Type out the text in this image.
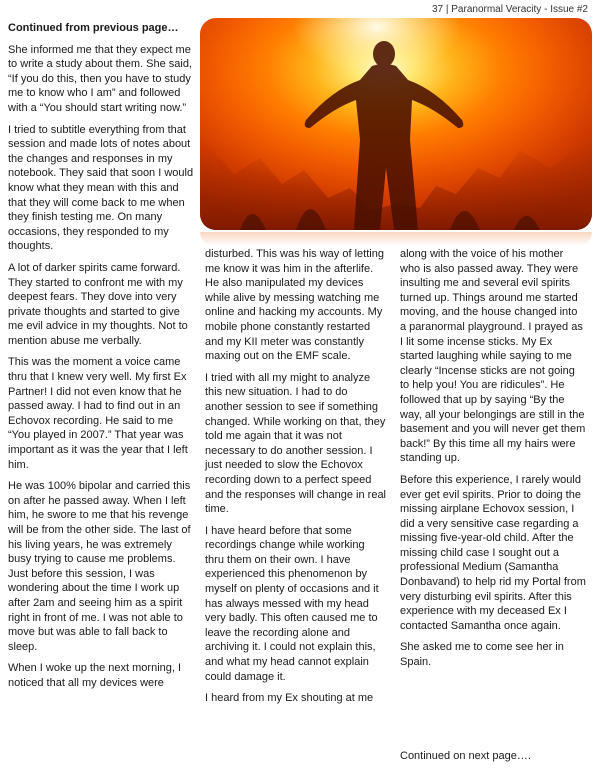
37 | Paranormal Veracity - Issue #2

Continued from previous page…

She informed me that they expect me to write a study about them. She said, “If you do this, then you have to study me to know who I am” and followed with a “You should start writing now.”

I tried to subtitle everything from that session and made lots of notes about the changes and responses in my notebook. They said that soon I would know what they mean with this and that they will come back to me when they finish testing me. On many occasions, they responded to my thoughts.

A lot of darker spirits came forward. They started to confront me with my deepest fears. They dove into very private thoughts and started to give me evil advice in my thoughts. Not to mention abuse me verbally.

This was the moment a voice came thru that I knew very well. My first Ex Partner! I did not even know that he passed away. I had to find out in an Echovox recording. He said to me “You played in 2007.” That year was important as it was the year that I left him.

He was 100% bipolar and carried this on after he passed away. When I left him, he swore to me that his revenge will be from the other side. The last of his living years, he was extremely busy trying to cause me problems. Just before this session, I was wondering about the time I work up after 2am and seeing him as a spirit right in front of me. I was not able to move but was able to fall back to sleep.

When I woke up the next morning, I noticed that all my devices were

disturbed. This was his way of letting me know it was him in the afterlife. He also manipulated my devices while alive by messing watching me online and hacking my accounts. My mobile phone constantly restarted and my KII meter was constantly maxing out on the EMF scale.

I tried with all my might to analyze this new situation. I had to do another session to see if something changed. While working on that, they told me again that it was not necessary to do another session. I just needed to slow the Echovox recording down to a perfect speed and the responses will change in real time.

I have heard before that some recordings change while working thru them on their own. I have experienced this phenomenon by myself on plenty of occasions and it has always messed with my head very badly. This often caused me to leave the recording alone and archiving it. I could not explain this, and what my head cannot explain could damage it.

I heard from my Ex shouting at me

along with the voice of his mother who is also passed away. They were insulting me and several evil spirits turned up. Things around me started moving, and the house changed into a paranormal playground. I prayed as I lit some incense sticks. My Ex started laughing while saying to me clearly “Incense sticks are not going to help you! You are ridicules”. He followed that up by saying “By the way, all your belongings are still in the basement and you will never get them back!” By this time all my hairs were standing up.

Before this experience, I rarely would ever get evil spirits. Prior to doing the missing airplane Echovox session, I did a very sensitive case regarding a missing five-year-old child. After the missing child case I sought out a professional Medium (Samantha Donbavand) to help rid my Portal from very disturbing evil spirits. After this experience with my deceased Ex I contacted Samantha once again.

She asked me to come see her in Spain.

Continued on next page….
